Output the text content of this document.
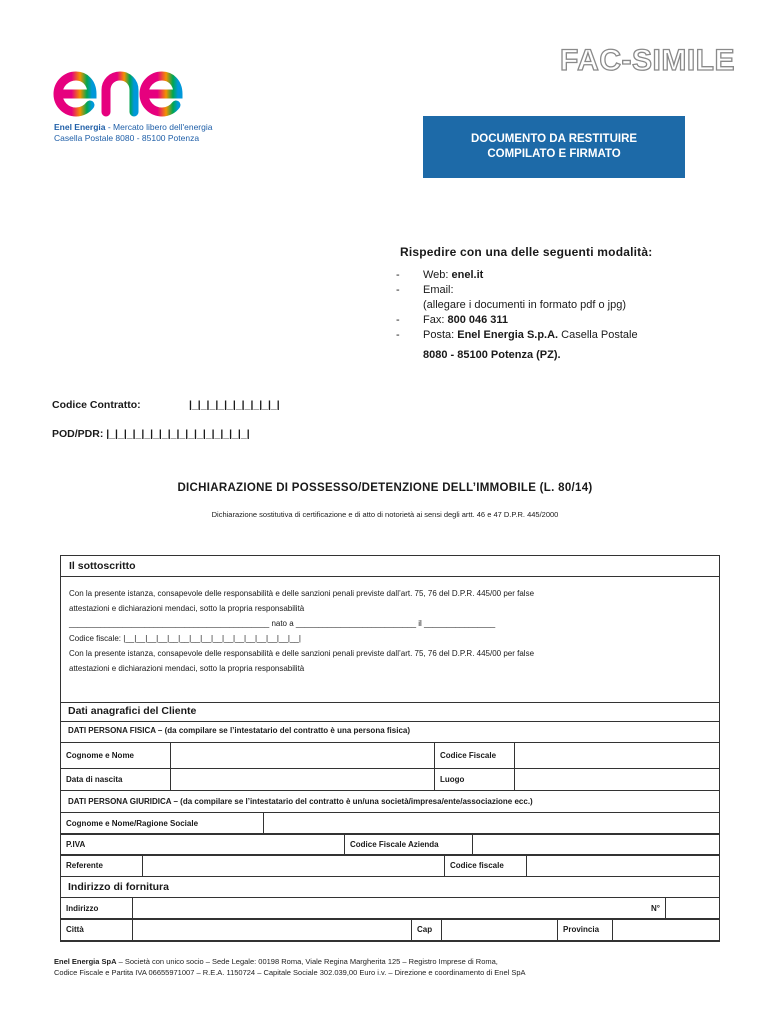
enel
Enel Energia - Mercato libero dell'energia
Casella Postale 8080 - 85100 Potenza
FAC-SIMILE
DOCUMENTO DA RESTITUIRE
COMPILATO E FIRMATO
Rispedire con una delle seguenti modalità:
-	Web: enel.it
-	Email:
(allegare i documenti in formato pdf o jpg)
-	Fax: 800 046 311
-	Posta: Enel Energia S.p.A. Casella Postale
8080 - 85100 Potenza (PZ).
Codice Contratto:	|_|_|_|_|_|_|_|_|_|_|
POD/PDR: |_|_|_|_|_|_|_|_|_|_|_|_|_|_|_|_|
DICHIARAZIONE DI POSSESSO/DETENZIONE DELL’IMMOBILE (L. 80/14)
Dichiarazione sostitutiva di certificazione e di atto di notorietà ai sensi degli artt. 46 e 47 D.P.R. 445/2000
Il sottoscritto
Con la presente istanza, consapevole delle responsabilità e delle sanzioni penali previste dall’art. 75, 76 del D.P.R. 445/00 per false
attestazioni e dichiarazioni mendaci, sotto la propria responsabilità
_____________________________________________ nato a ___________________________ il ________________
Codice fiscale: |__|__|__|__|__|__|__|__|__|__|__|__|__|__|__|__|
Con la presente istanza, consapevole delle responsabilità e delle sanzioni penali previste dall’art. 75, 76 del D.P.R. 445/00 per false
attestazioni e dichiarazioni mendaci, sotto la propria responsabilità
Dati anagrafici del Cliente
DATI PERSONA FISICA – (da compilare se l’intestatario del contratto è una persona fisica)
Cognome e Nome		Codice Fiscale	
Data di nascita		Luogo	
DATI PERSONA GIURIDICA – (da compilare se l’intestatario del contratto è un/una società/impresa/ente/associazione ecc.)
Cognome e Nome/Ragione Sociale	
P.IVA	Codice Fiscale Azienda	
Referente		Codice fiscale	
Indirizzo di fornitura
Indirizzo	N°	
Città		Cap		Provincia	
Enel Energia SpA – Società con unico socio – Sede Legale: 00198 Roma, Viale Regina Margherita 125 – Registro Imprese di Roma,
Codice Fiscale e Partita IVA 06655971007 – R.E.A. 1150724 – Capitale Sociale 302.039,00 Euro i.v. – Direzione e coordinamento di Enel SpA
